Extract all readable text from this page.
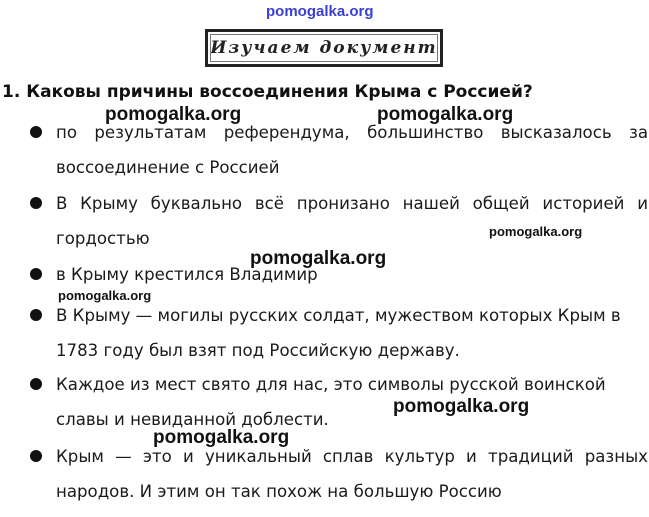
pomogalka.org
Изучаем документ
1. Каковы причины воссоединения Крыма с Россией?
pomogalka.org	pomogalka.org
по результатам референдума, большинство высказалось за воссоединение с Россией
В Крыму буквально всё пронизано нашей общей историей и гордостью	pomogalka.org
pomogalka.org
в Крыму крестился Владимир
pomogalka.org
В Крыму — могилы русских солдат, мужеством которых Крым в 1783 году был взят под Российскую державу.
Каждое из мест свято для нас, это символы русской воинской славы и невиданной доблести.
pomogalka.org
pomogalka.org
Крым — это и уникальный сплав культур и традиций разных народов. И этим он так похож на большую Россию
